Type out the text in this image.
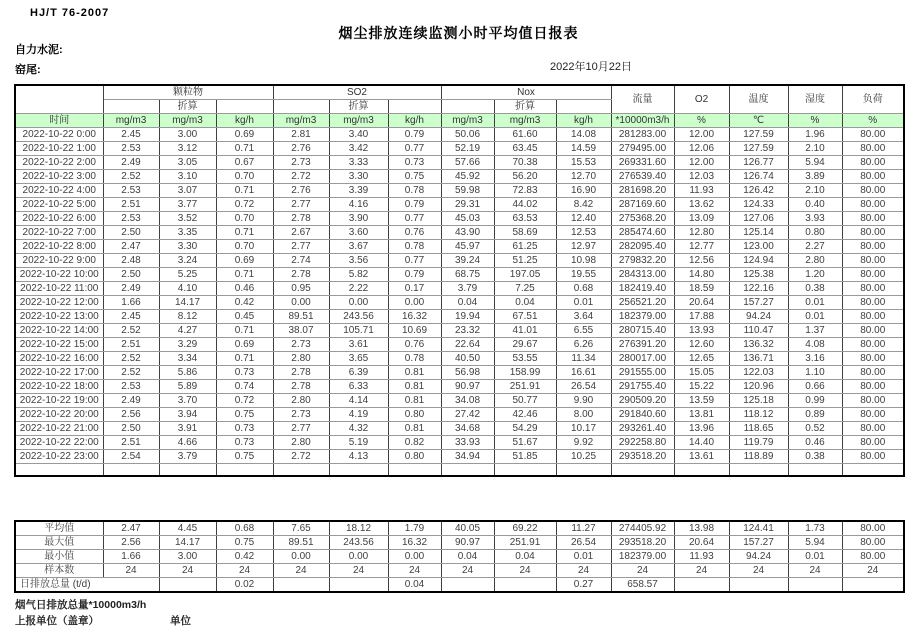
HJ/T 76-2007
烟尘排放连续监测小时平均值日报表
自力水泥:
窑尾:	2022年10月22日
	颗粒物			SO2			Nox			流量	O2	温度	湿度	负荷
		折算			折算			折算						
时间	mg/m3	mg/m3	kg/h	mg/m3	mg/m3	kg/h	mg/m3	mg/m3	kg/h	*10000m3/h	%	℃	%	%
2022-10-22 0:00	2.45	3.00	0.69	2.81	3.40	0.79	50.06	61.60	14.08	281283.00	12.00	127.59	1.96	80.00
2022-10-22 1:00	2.53	3.12	0.71	2.76	3.42	0.77	52.19	63.45	14.59	279495.00	12.06	127.59	2.10	80.00
2022-10-22 2:00	2.49	3.05	0.67	2.73	3.33	0.73	57.66	70.38	15.53	269331.60	12.00	126.77	5.94	80.00
2022-10-22 3:00	2.52	3.10	0.70	2.72	3.30	0.75	45.92	56.20	12.70	276539.40	12.03	126.74	3.89	80.00
2022-10-22 4:00	2.53	3.07	0.71	2.76	3.39	0.78	59.98	72.83	16.90	281698.20	11.93	126.42	2.10	80.00
2022-10-22 5:00	2.51	3.77	0.72	2.77	4.16	0.79	29.31	44.02	8.42	287169.60	13.62	124.33	0.40	80.00
2022-10-22 6:00	2.53	3.52	0.70	2.78	3.90	0.77	45.03	63.53	12.40	275368.20	13.09	127.06	3.93	80.00
2022-10-22 7:00	2.50	3.35	0.71	2.67	3.60	0.76	43.90	58.69	12.53	285474.60	12.80	125.14	0.80	80.00
2022-10-22 8:00	2.47	3.30	0.70	2.77	3.67	0.78	45.97	61.25	12.97	282095.40	12.77	123.00	2.27	80.00
2022-10-22 9:00	2.48	3.24	0.69	2.74	3.56	0.77	39.24	51.25	10.98	279832.20	12.56	124.94	2.80	80.00
2022-10-22 10:00	2.50	5.25	0.71	2.78	5.82	0.79	68.75	197.05	19.55	284313.00	14.80	125.38	1.20	80.00
2022-10-22 11:00	2.49	4.10	0.46	0.95	2.22	0.17	3.79	7.25	0.68	182419.40	18.59	122.16	0.38	80.00
2022-10-22 12:00	1.66	14.17	0.42	0.00	0.00	0.00	0.04	0.04	0.01	256521.20	20.64	157.27	0.01	80.00
2022-10-22 13:00	2.45	8.12	0.45	89.51	243.56	16.32	19.94	67.51	3.64	182379.00	17.88	94.24	0.01	80.00
2022-10-22 14:00	2.52	4.27	0.71	38.07	105.71	10.69	23.32	41.01	6.55	280715.40	13.93	110.47	1.37	80.00
2022-10-22 15:00	2.51	3.29	0.69	2.73	3.61	0.76	22.64	29.67	6.26	276391.20	12.60	136.32	4.08	80.00
2022-10-22 16:00	2.52	3.34	0.71	2.80	3.65	0.78	40.50	53.55	11.34	280017.00	12.65	136.71	3.16	80.00
2022-10-22 17:00	2.52	5.86	0.73	2.78	6.39	0.81	56.98	158.99	16.61	291555.00	15.05	122.03	1.10	80.00
2022-10-22 18:00	2.53	5.89	0.74	2.78	6.33	0.81	90.97	251.91	26.54	291755.40	15.22	120.96	0.66	80.00
2022-10-22 19:00	2.49	3.70	0.72	2.80	4.14	0.81	34.08	50.77	9.90	290509.20	13.59	125.18	0.99	80.00
2022-10-22 20:00	2.56	3.94	0.75	2.73	4.19	0.80	27.42	42.46	8.00	291840.60	13.81	118.12	0.89	80.00
2022-10-22 21:00	2.50	3.91	0.73	2.77	4.32	0.81	34.68	54.29	10.17	293261.40	13.96	118.65	0.52	80.00
2022-10-22 22:00	2.51	4.66	0.73	2.80	5.19	0.82	33.93	51.67	9.92	292258.80	14.40	119.79	0.46	80.00
2022-10-22 23:00	2.54	3.79	0.75	2.72	4.13	0.80	34.94	51.85	10.25	293518.20	13.61	118.89	0.38	80.00

平均值	2.47	4.45	0.68	7.65	18.12	1.79	40.05	69.22	11.27	274405.92	13.98	124.41	1.73	80.00
最大值	2.56	14.17	0.75	89.51	243.56	16.32	90.97	251.91	26.54	293518.20	20.64	157.27	5.94	80.00
最小值	1.66	3.00	0.42	0.00	0.00	0.00	0.04	0.04	0.01	182379.00	11.93	94.24	0.01	80.00
样本数	24	24	24	24	24	24	24	24	24	24	24	24	24	24
日排放总量 (t/d)			0.02			0.04			0.27	658.57				
烟气日排放总量*10000m3/h
上报单位（盖章）	单位
